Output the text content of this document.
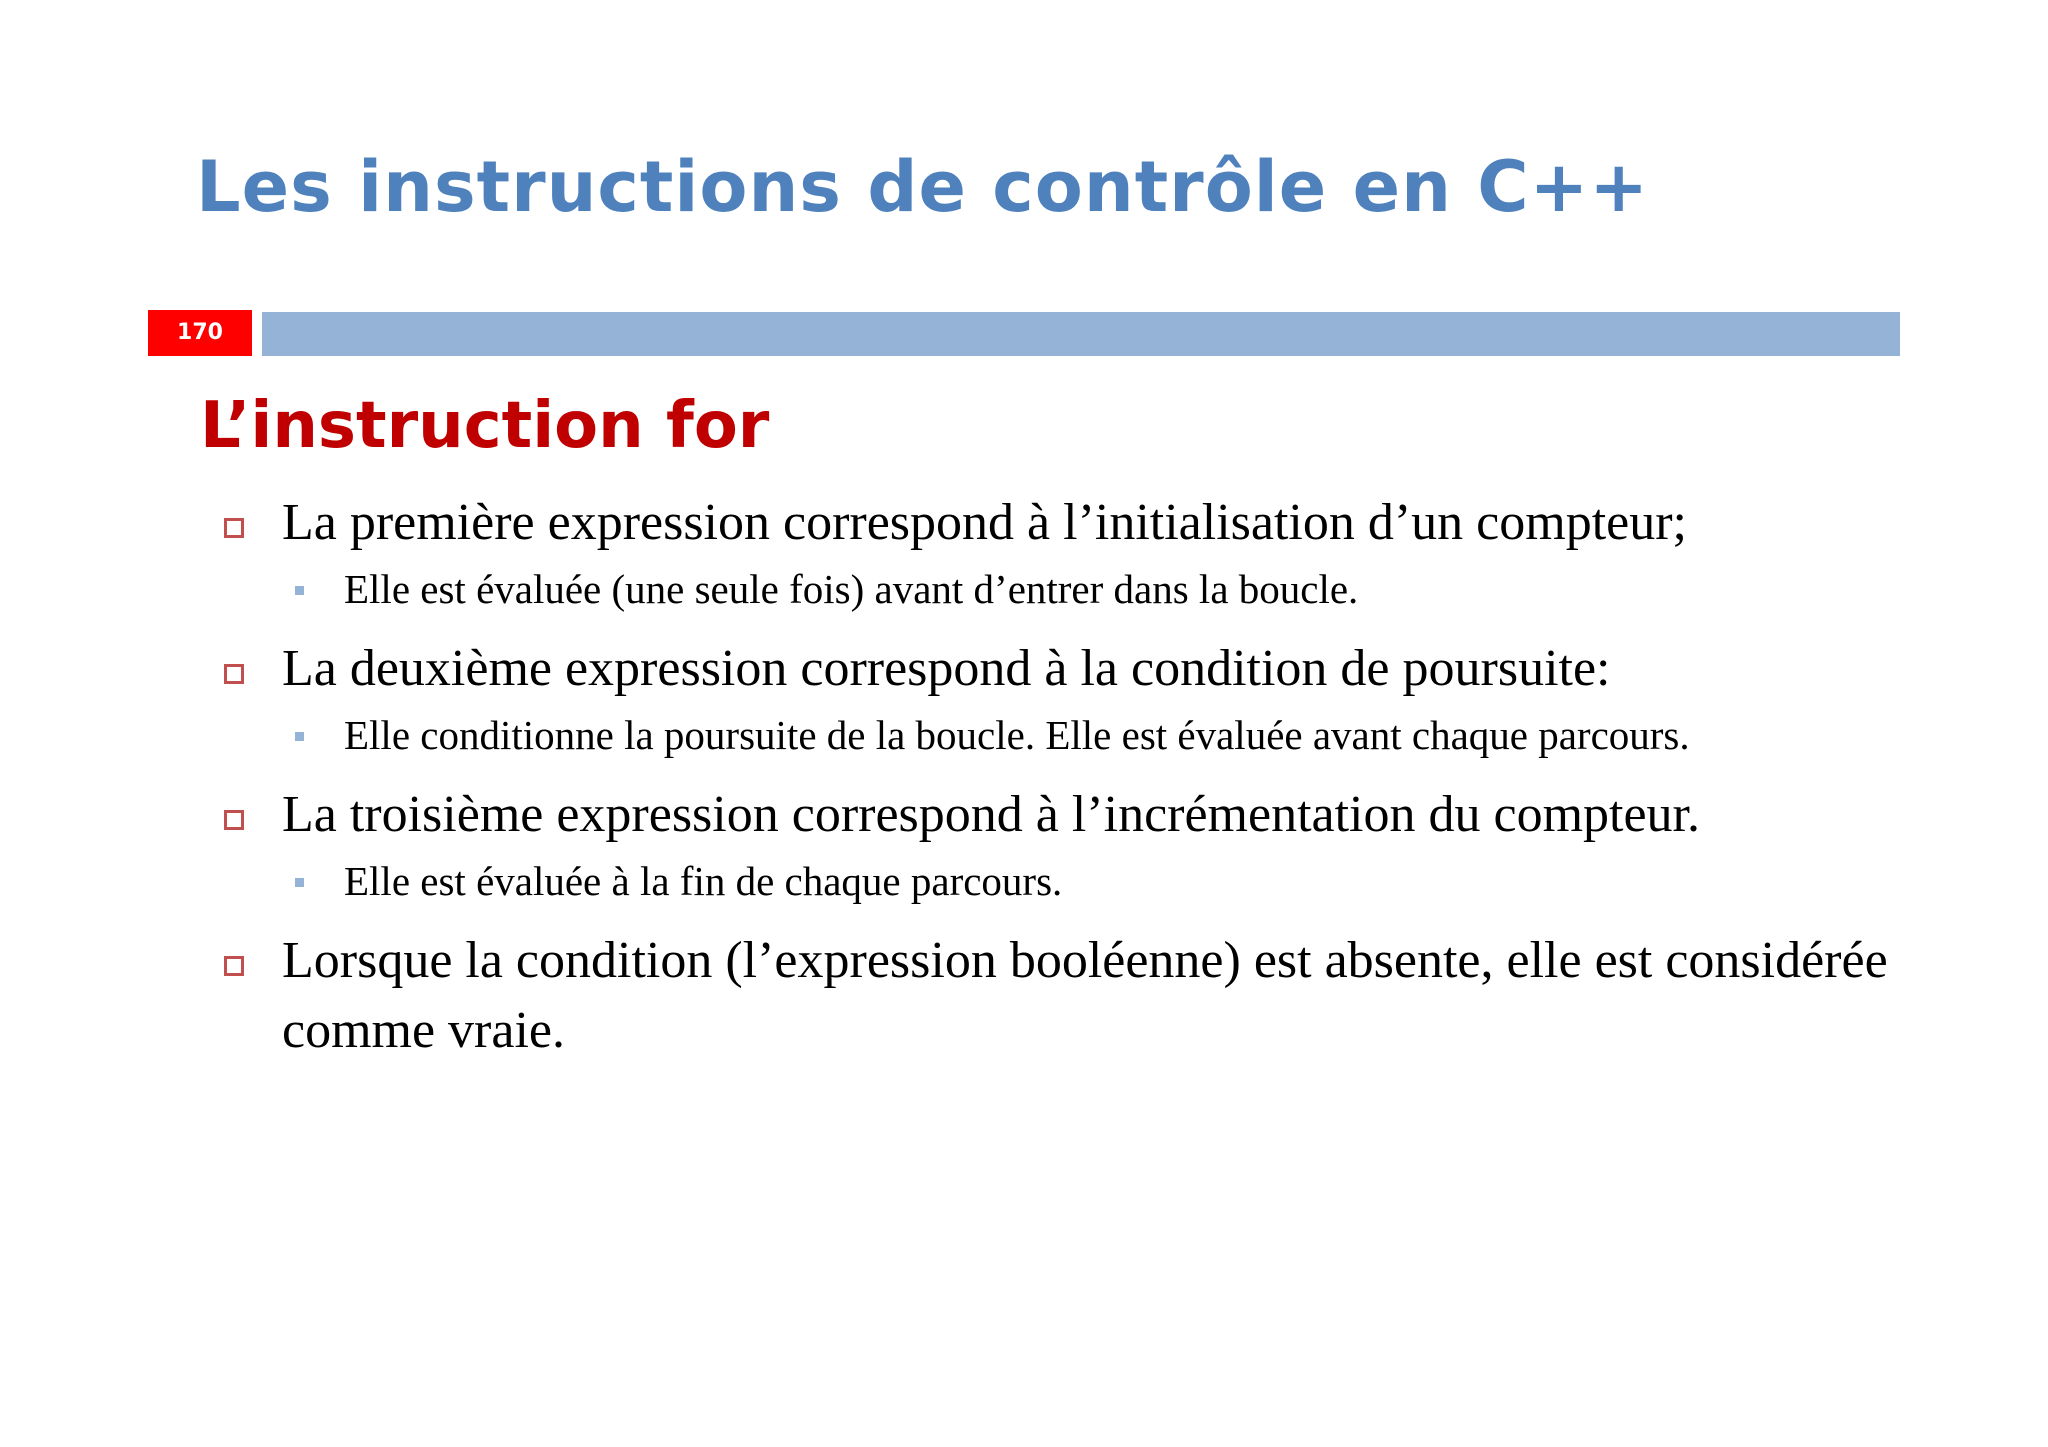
Les instructions de contrôle en C++
170
L’instruction for
La première expression correspond à l’initialisation d’un compteur;
Elle est évaluée (une seule fois) avant d’entrer dans la boucle.
La deuxième expression correspond à la condition de poursuite:
Elle conditionne la poursuite de la boucle. Elle est évaluée avant chaque parcours.
La troisième expression correspond à l’incrémentation du compteur.
Elle est évaluée à la fin de chaque parcours.
Lorsque la condition (l’expression booléenne) est absente, elle est considérée comme vraie.
